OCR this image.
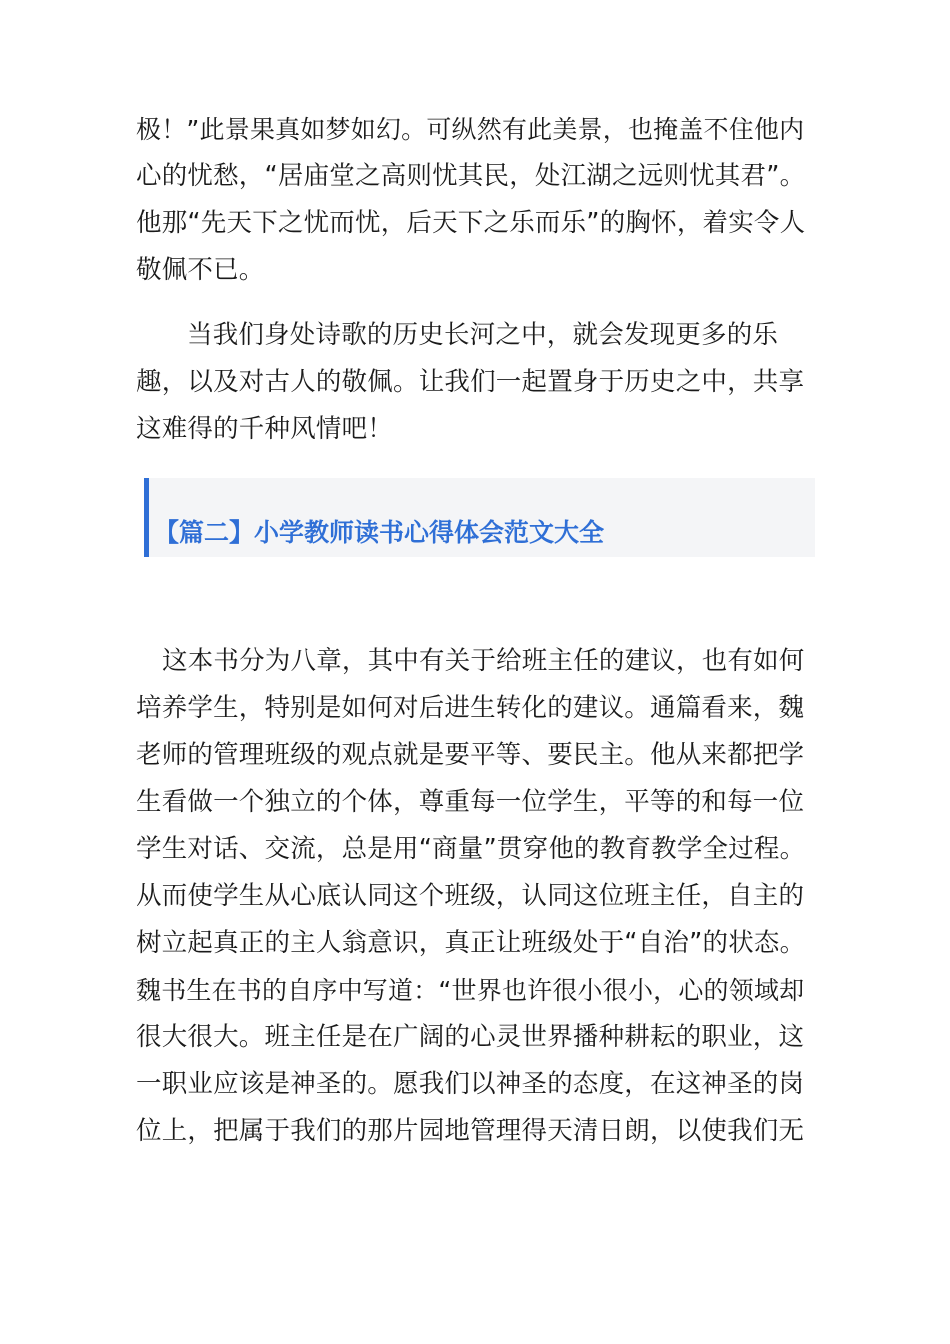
极！”此景果真如梦如幻。可纵然有此美景，也掩盖不住他内
心的忧愁，“居庙堂之高则忧其民，处江湖之远则忧其君”。
他那“先天下之忧而忧，后天下之乐而乐”的胸怀，着实令人
敬佩不已。
当我们身处诗歌的历史长河之中，就会发现更多的乐
趣，以及对古人的敬佩。让我们一起置身于历史之中，共享
这难得的千种风情吧！
【篇二】小学教师读书心得体会范文大全
这本书分为八章，其中有关于给班主任的建议，也有如何
培养学生，特别是如何对后进生转化的建议。通篇看来，魏
老师的管理班级的观点就是要平等、要民主。他从来都把学
生看做一个独立的个体，尊重每一位学生，平等的和每一位
学生对话、交流，总是用“商量”贯穿他的教育教学全过程。
从而使学生从心底认同这个班级，认同这位班主任，自主的
树立起真正的主人翁意识，真正让班级处于“自治”的状态。
魏书生在书的自序中写道：“世界也许很小很小，心的领域却
很大很大。班主任是在广阔的心灵世界播种耕耘的职业，这
一职业应该是神圣的。愿我们以神圣的态度，在这神圣的岗
位上，把属于我们的那片园地管理得天清日朗，以使我们无
